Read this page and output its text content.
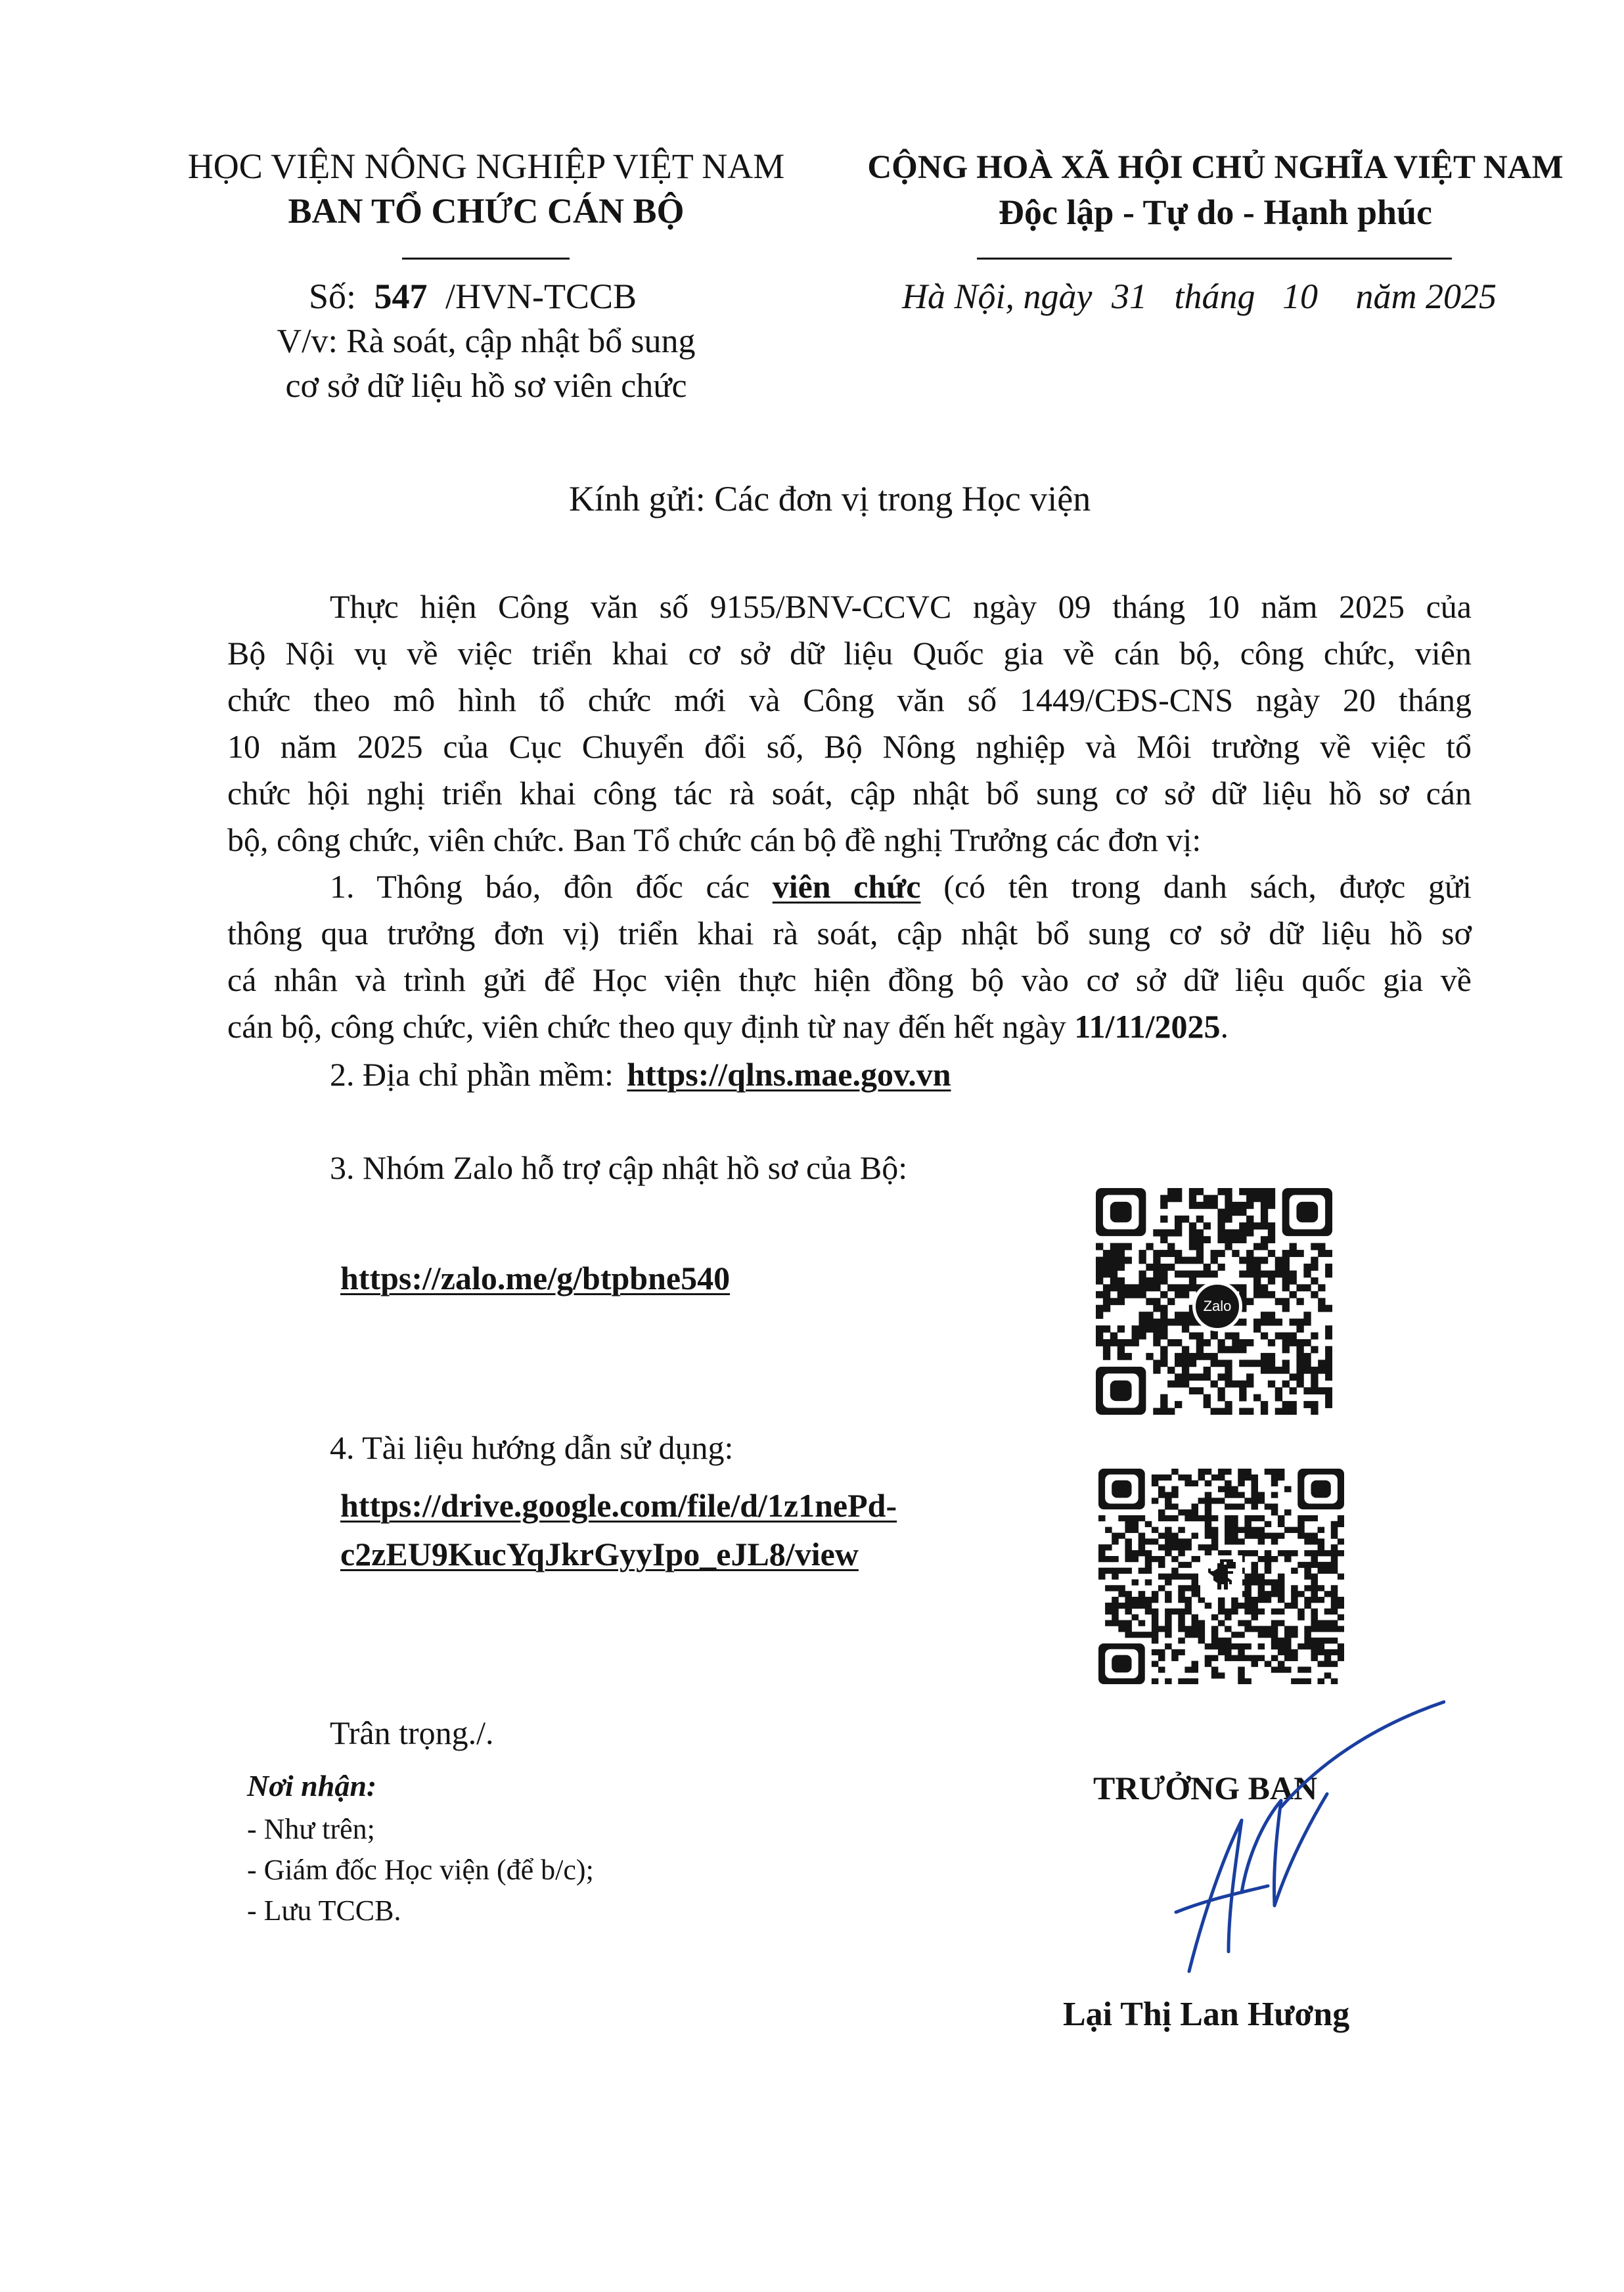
HỌC VIỆN NÔNG NGHIỆP VIỆT NAM
BAN TỔ CHỨC CÁN BỘ
CỘNG HOÀ XÃ HỘI CHỦ NGHĨA VIỆT NAM
Độc lập - Tự do - Hạnh phúc
Số: 547 /HVN-TCCB	Hà Nội, ngày 31 tháng 10 năm 2025
V/v: Rà soát, cập nhật bổ sung
cơ sở dữ liệu hồ sơ viên chức
Kính gửi: Các đơn vị trong Học viện
Thực hiện Công văn số 9155/BNV-CCVC ngày 09 tháng 10 năm 2025 của
Bộ Nội vụ về việc triển khai cơ sở dữ liệu Quốc gia về cán bộ, công chức, viên
chức theo mô hình tổ chức mới và Công văn số 1449/CĐS-CNS ngày 20 tháng
10 năm 2025 của Cục Chuyển đổi số, Bộ Nông nghiệp và Môi trường về việc tổ
chức hội nghị triển khai công tác rà soát, cập nhật bổ sung cơ sở dữ liệu hồ sơ cán
bộ, công chức, viên chức. Ban Tổ chức cán bộ đề nghị Trưởng các đơn vị:
1. Thông báo, đôn đốc các viên chức (có tên trong danh sách, được gửi
thông qua trưởng đơn vị) triển khai rà soát, cập nhật bổ sung cơ sở dữ liệu hồ sơ
cá nhân và trình gửi để Học viện thực hiện đồng bộ vào cơ sở dữ liệu quốc gia về
cán bộ, công chức, viên chức theo quy định từ nay đến hết ngày 11/11/2025.
2. Địa chỉ phần mềm: https://qlns.mae.gov.vn
3. Nhóm Zalo hỗ trợ cập nhật hồ sơ của Bộ:
https://zalo.me/g/btpbne540
Zalo
4. Tài liệu hướng dẫn sử dụng:
https://drive.google.com/file/d/1z1nePd-
c2zEU9KucYqJkrGyyIpo_eJL8/view
Trân trọng./.
Nơi nhận:
- Như trên;
- Giám đốc Học viện (để b/c);
- Lưu TCCB.
TRƯỞNG BAN
Lại Thị Lan Hương
